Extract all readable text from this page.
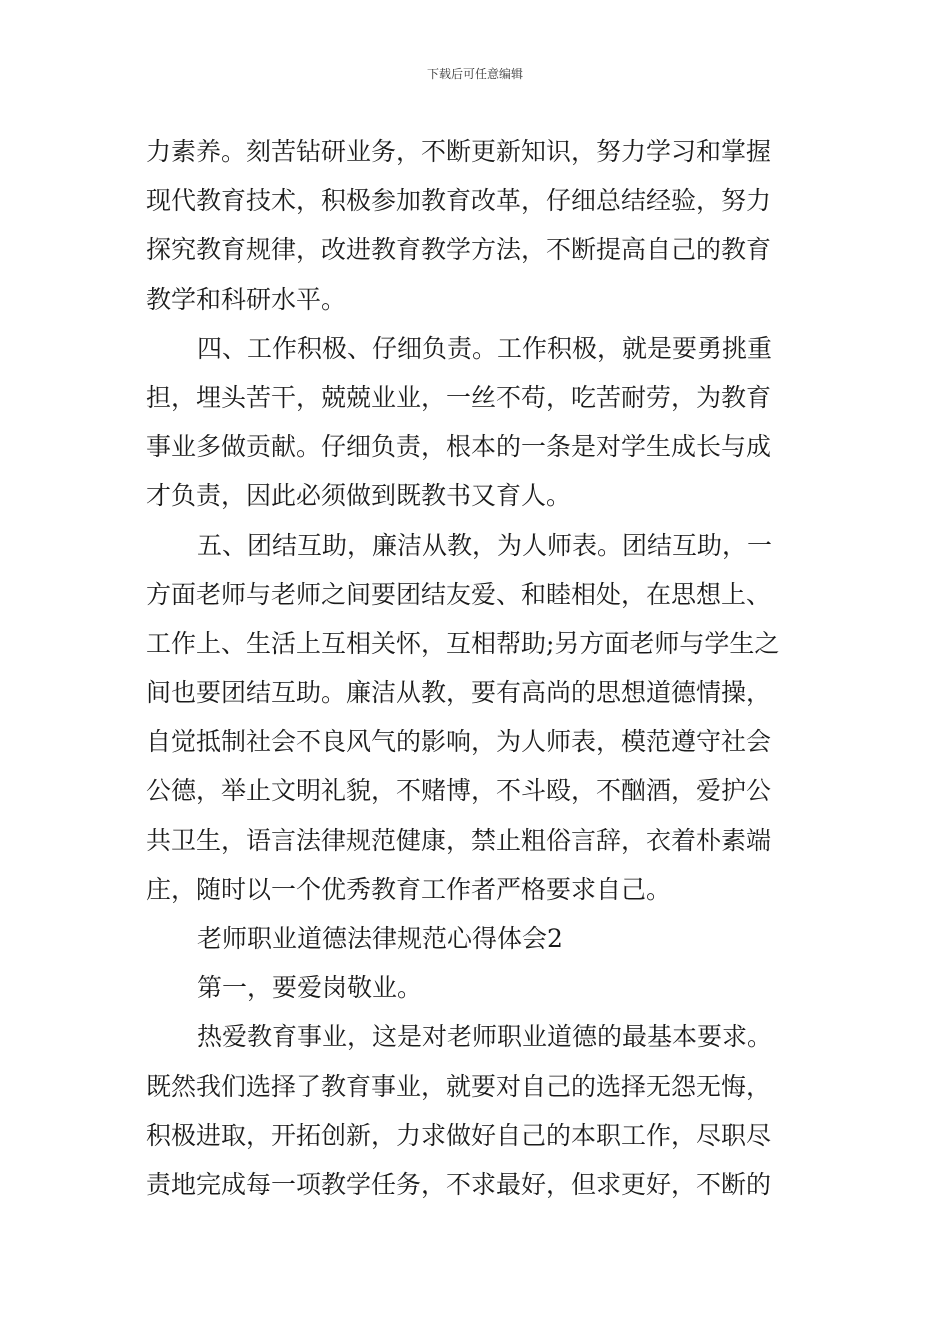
下载后可任意编辑
力素养。刻苦钻研业务，不断更新知识，努力学习和掌握
现代教育技术，积极参加教育改革，仔细总结经验，努力
探究教育规律，改进教育教学方法，不断提高自己的教育
教学和科研水平。
四、工作积极、仔细负责。工作积极，就是要勇挑重
担，埋头苦干，兢兢业业，一丝不苟，吃苦耐劳，为教育
事业多做贡献。仔细负责，根本的一条是对学生成长与成
才负责，因此必须做到既教书又育人。
五、团结互助，廉洁从教，为人师表。团结互助，一
方面老师与老师之间要团结友爱、和睦相处，在思想上、
工作上、生活上互相关怀，互相帮助;另方面老师与学生之
间也要团结互助。廉洁从教，要有高尚的思想道德情操，
自觉抵制社会不良风气的影响，为人师表，模范遵守社会
公德，举止文明礼貌，不赌博，不斗殴，不酗酒，爱护公
共卫生，语言法律规范健康，禁止粗俗言辞，衣着朴素端
庄，随时以一个优秀教育工作者严格要求自己。
老师职业道德法律规范心得体会2
第一，要爱岗敬业。
热爱教育事业，这是对老师职业道德的最基本要求。
既然我们选择了教育事业，就要对自己的选择无怨无悔，
积极进取，开拓创新，力求做好自己的本职工作，尽职尽
责地完成每一项教学任务，不求最好，但求更好，不断的
